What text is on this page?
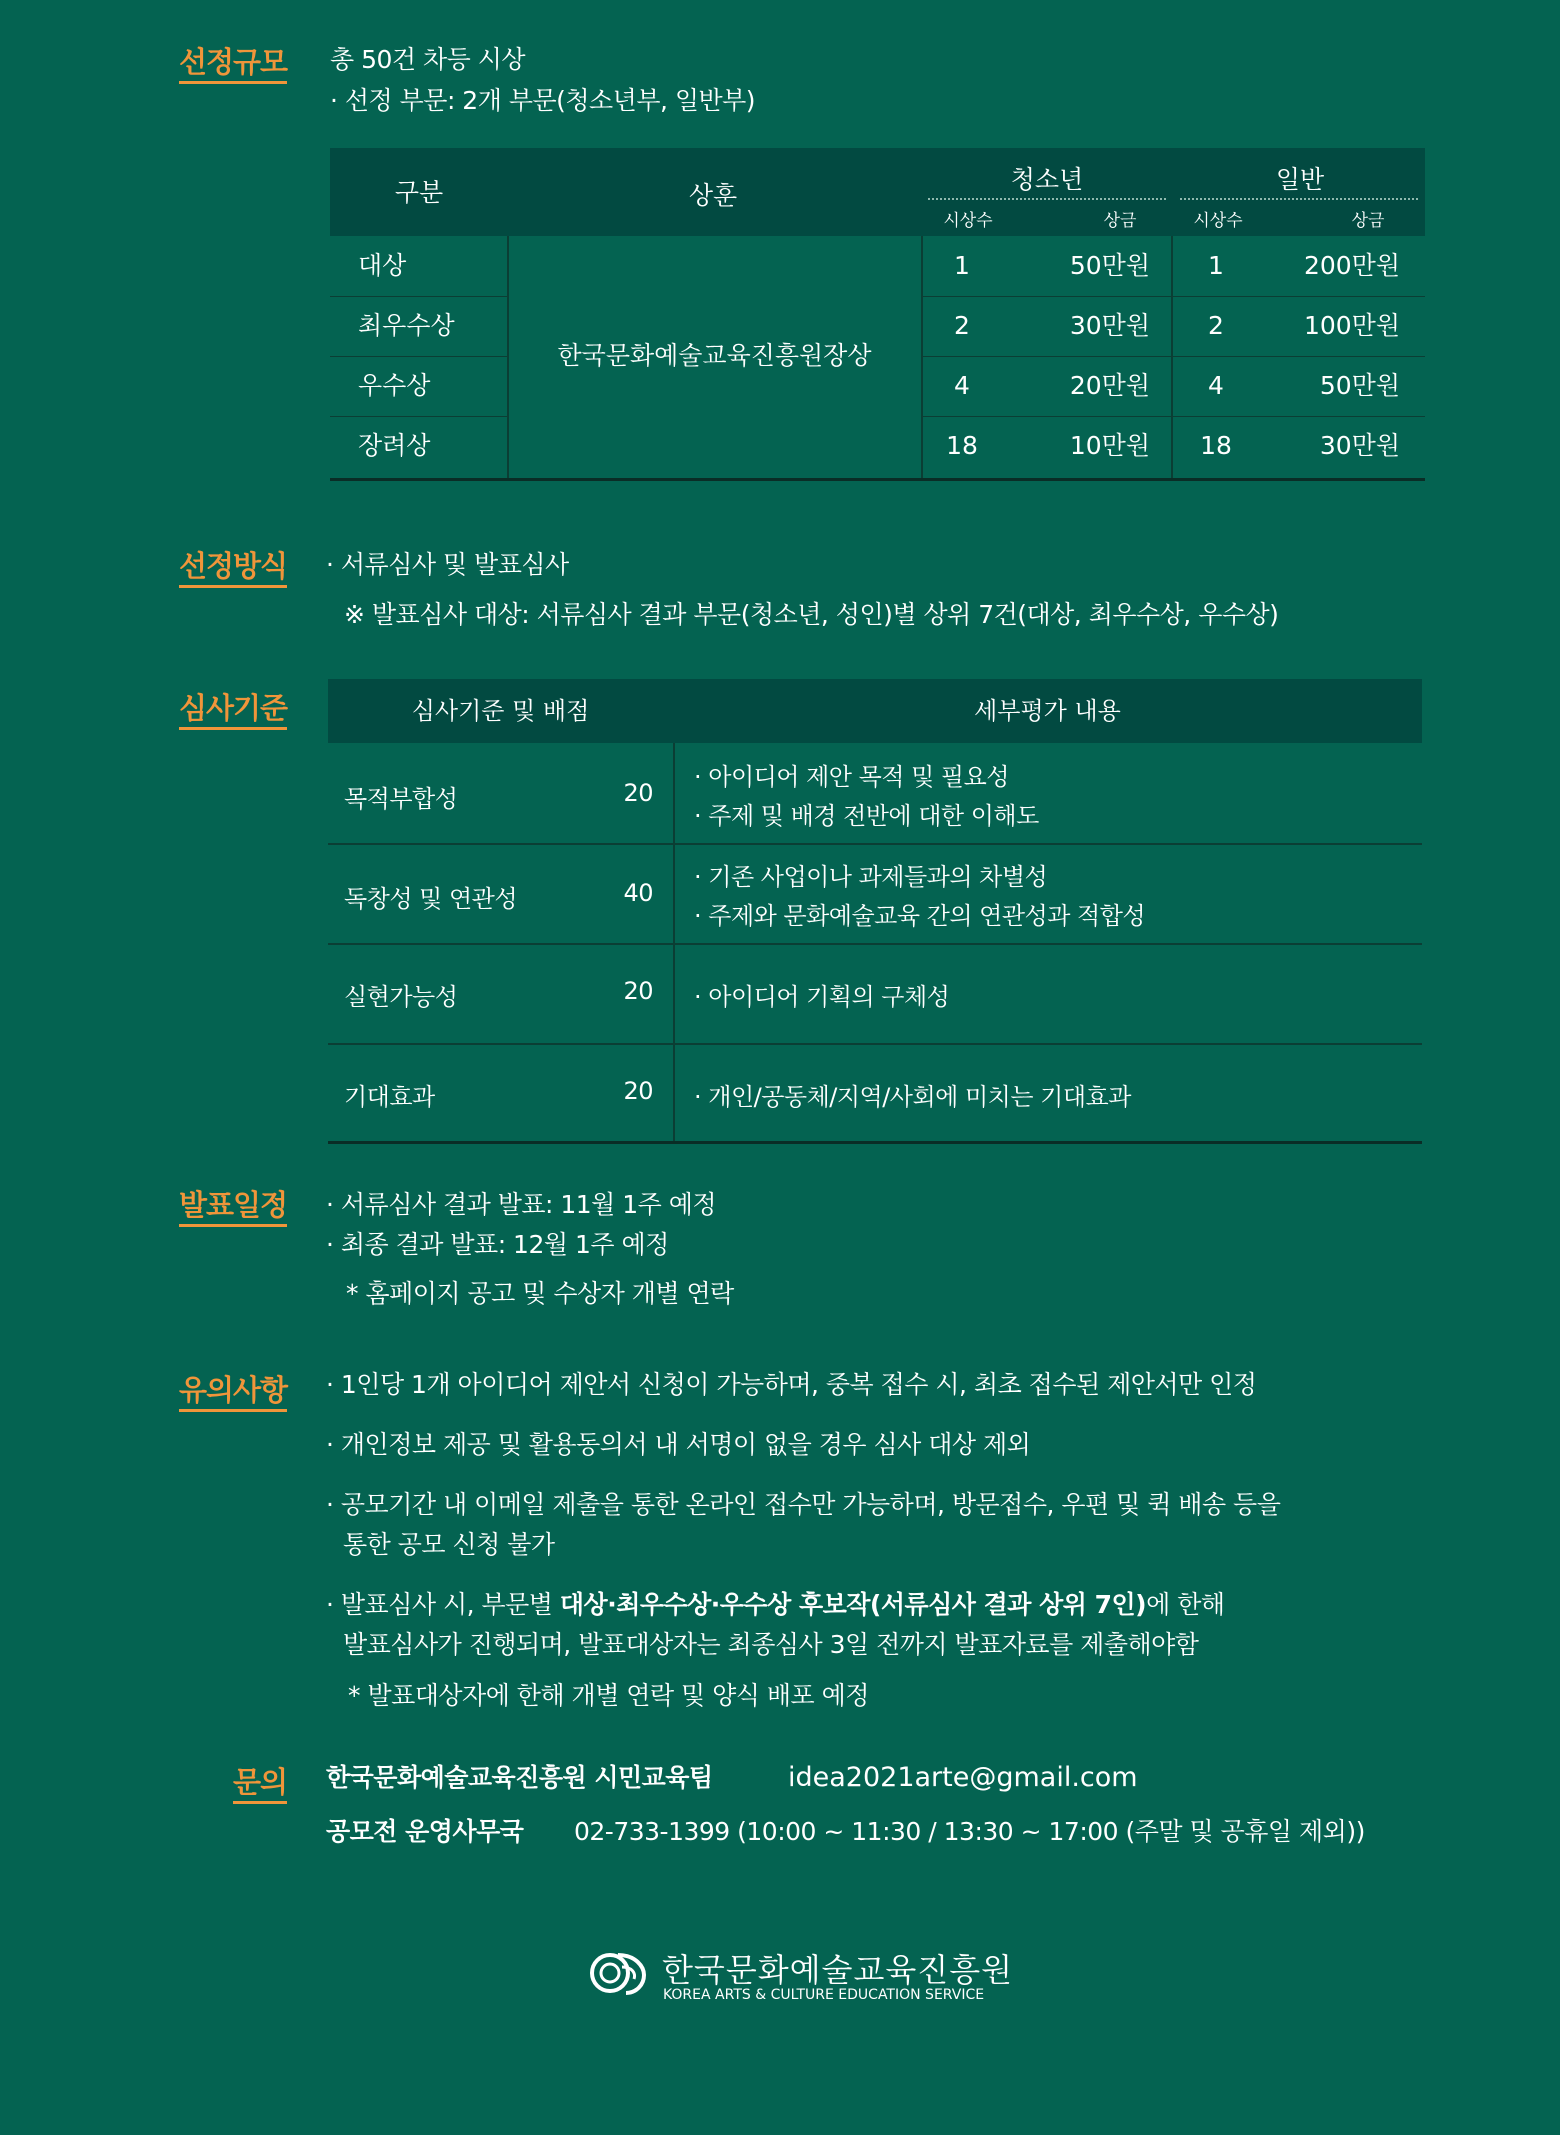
선정규모 총 50건 차등 시상
· 선정 부문: 2개 부문(청소년부, 일반부)
구분	상훈
청소년	일반
시상수	상금	시상수	상금
한국문화예술교육진흥원장상
대상	1	50만원	1	200만원
최우수상	2	30만원	2	100만원
우수상	4	20만원	4	50만원
장려상	18	10만원	18	30만원
선정방식 · 서류심사 및 발표심사
※ 발표심사 대상: 서류심사 결과 부문(청소년, 성인)별 상위 7건(대상, 최우수상, 우수상)
심사기준	심사기준 및 배점	세부평가 내용
목적부합성	20
· 아이디어 제안 목적 및 필요성
· 주제 및 배경 전반에 대한 이해도
독창성 및 연관성	40
· 기존 사업이나 과제들과의 차별성
· 주제와 문화예술교육 간의 연관성과 적합성
실현가능성	20 · 아이디어 기획의 구체성
기대효과	20 · 개인/공동체/지역/사회에 미치는 기대효과
발표일정 · 서류심사 결과 발표: 11월 1주 예정
· 최종 결과 발표: 12월 1주 예정
* 홈페이지 공고 및 수상자 개별 연락
유의사항 · 1인당 1개 아이디어 제안서 신청이 가능하며, 중복 접수 시, 최초 접수된 제안서만 인정
· 개인정보 제공 및 활용동의서 내 서명이 없을 경우 심사 대상 제외
· 공모기간 내 이메일 제출을 통한 온라인 접수만 가능하며, 방문접수, 우편 및 퀵 배송 등을
통한 공모 신청 불가
· 발표심사 시, 부문별 대상·최우수상·우수상 후보작(서류심사 결과 상위 7인)에 한해
발표심사가 진행되며, 발표대상자는 최종심사 3일 전까지 발표자료를 제출해야함
* 발표대상자에 한해 개별 연락 및 양식 배포 예정
문의 한국문화예술교육진흥원 시민교육팀	idea2021arte@gmail.com
공모전 운영사무국 02-733-1399 (10:00 ~ 11:30 / 13:30 ~ 17:00 (주말 및 공휴일 제외))
한국문화예술교육진흥원
KOREA ARTS & CULTURE EDUCATION SERVICE
